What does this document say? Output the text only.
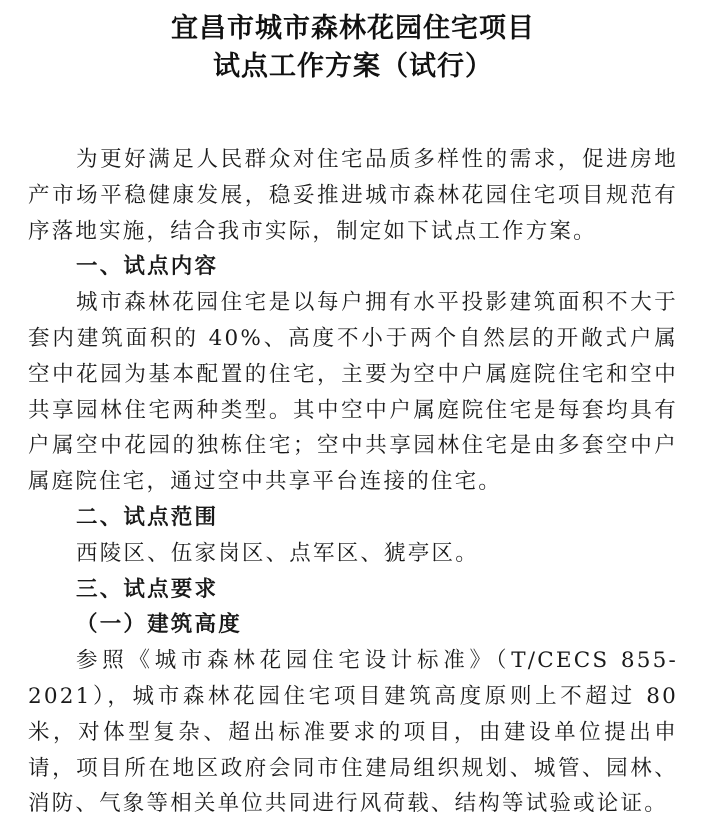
宜昌市城市森林花园住宅项目
试点工作方案（试行）

为更好满足人民群众对住宅品质多样性的需求，促进房地产市场平稳健康发展，稳妥推进城市森林花园住宅项目规范有序落地实施，结合我市实际，制定如下试点工作方案。

一、试点内容

城市森林花园住宅是以每户拥有水平投影建筑面积不大于套内建筑面积的 40%、高度不小于两个自然层的开敞式户属空中花园为基本配置的住宅，主要为空中户属庭院住宅和空中共享园林住宅两种类型。其中空中户属庭院住宅是每套均具有户属空中花园的独栋住宅；空中共享园林住宅是由多套空中户属庭院住宅，通过空中共享平台连接的住宅。

二、试点范围

西陵区、伍家岗区、点军区、猇亭区。

三、试点要求

（一）建筑高度

参照《城市森林花园住宅设计标准》（T/CECS 855-2021），城市森林花园住宅项目建筑高度原则上不超过 80 米，对体型复杂、超出标准要求的项目，由建设单位提出申请，项目所在地区政府会同市住建局组织规划、城管、园林、消防、气象等相关单位共同进行风荷载、结构等试验或论证。
